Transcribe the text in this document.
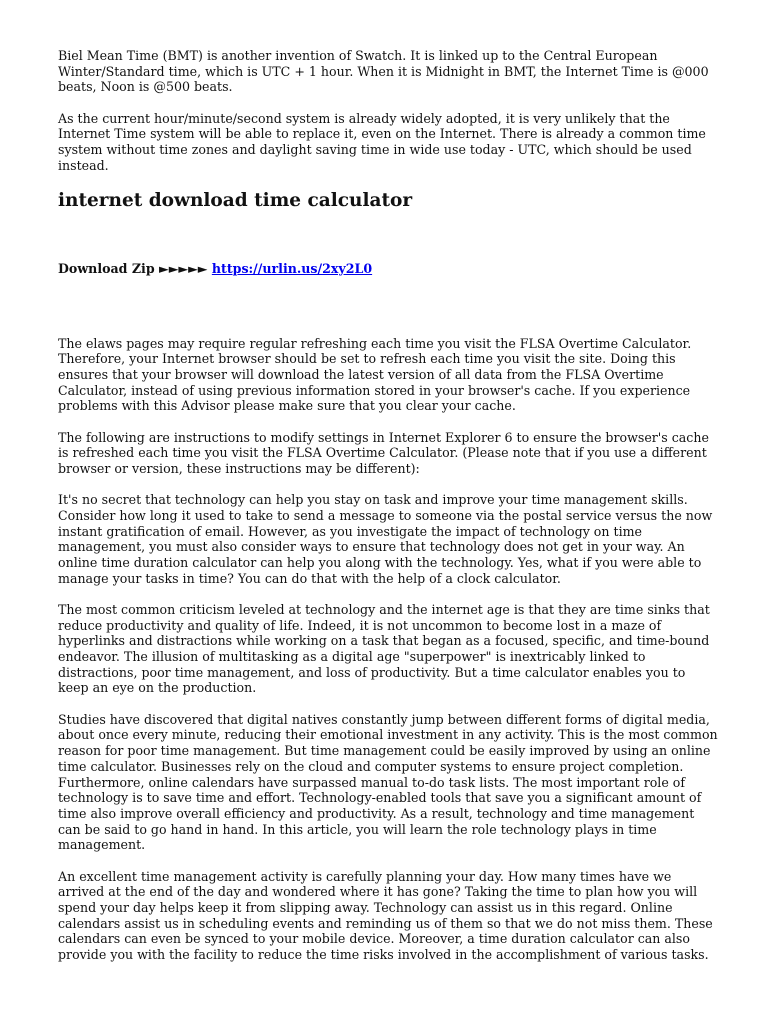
Biel Mean Time (BMT) is another invention of Swatch. It is linked up to the Central European Winter/Standard time, which is UTC + 1 hour. When it is Midnight in BMT, the Internet Time is @000 beats, Noon is @500 beats.

As the current hour/minute/second system is already widely adopted, it is very unlikely that the Internet Time system will be able to replace it, even on the Internet. There is already a common time system without time zones and daylight saving time in wide use today - UTC, which should be used instead.

internet download time calculator

Download Zip ►►►►► https://urlin.us/2xy2L0

The elaws pages may require regular refreshing each time you visit the FLSA Overtime Calculator. Therefore, your Internet browser should be set to refresh each time you visit the site. Doing this ensures that your browser will download the latest version of all data from the FLSA Overtime Calculator, instead of using previous information stored in your browser's cache. If you experience problems with this Advisor please make sure that you clear your cache.

The following are instructions to modify settings in Internet Explorer 6 to ensure the browser's cache is refreshed each time you visit the FLSA Overtime Calculator. (Please note that if you use a different browser or version, these instructions may be different):

It's no secret that technology can help you stay on task and improve your time management skills. Consider how long it used to take to send a message to someone via the postal service versus the now instant gratification of email. However, as you investigate the impact of technology on time management, you must also consider ways to ensure that technology does not get in your way. An online time duration calculator can help you along with the technology. Yes, what if you were able to manage your tasks in time? You can do that with the help of a clock calculator.

The most common criticism leveled at technology and the internet age is that they are time sinks that reduce productivity and quality of life. Indeed, it is not uncommon to become lost in a maze of hyperlinks and distractions while working on a task that began as a focused, specific, and time-bound endeavor. The illusion of multitasking as a digital age "superpower" is inextricably linked to distractions, poor time management, and loss of productivity. But a time calculator enables you to keep an eye on the production.

Studies have discovered that digital natives constantly jump between different forms of digital media, about once every minute, reducing their emotional investment in any activity. This is the most common reason for poor time management. But time management could be easily improved by using an online time calculator. Businesses rely on the cloud and computer systems to ensure project completion. Furthermore, online calendars have surpassed manual to-do task lists. The most important role of technology is to save time and effort. Technology-enabled tools that save you a significant amount of time also improve overall efficiency and productivity. As a result, technology and time management can be said to go hand in hand. In this article, you will learn the role technology plays in time management.

An excellent time management activity is carefully planning your day. How many times have we arrived at the end of the day and wondered where it has gone? Taking the time to plan how you will spend your day helps keep it from slipping away. Technology can assist us in this regard. Online calendars assist us in scheduling events and reminding us of them so that we do not miss them. These calendars can even be synced to your mobile device. Moreover, a time duration calculator can also provide you with the facility to reduce the time risks involved in the accomplishment of various tasks.
